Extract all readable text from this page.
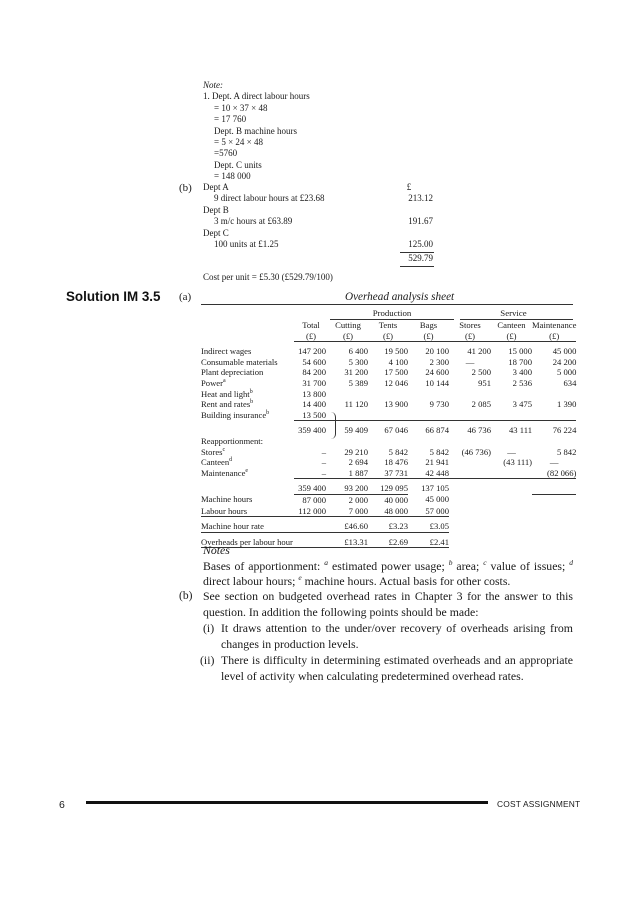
Note:
1. Dept. A direct labour hours
= 10 × 37 × 48
= 17 760
Dept. B machine hours
= 5 × 24 × 48
=5760
Dept. C units
= 148 000
(b)	£
Dept A
9 direct labour hours at £23.68	213.12
Dept B
3 m/c hours at £63.89	191.67
Dept C
100 units at £1.25	125.00
529.79
Cost per unit = £5.30 (£529.79/100)
Solution IM 3.5 (a)	Overhead analysis sheet
Production	Service
	Total	Cutting	Tents	Bags	Stores	Canteen	Maintenance
	(£)	(£)	(£)	(£)	(£)	(£)	(£)

Indirect wages	147 200	6 400	19 500	20 100	41 200	15 000	45 000
Consumable materials	54 600	5 300	4 100	2 300	—	18 700	24 200
Plant depreciation	84 200	31 200	17 500	24 600	2 500	3 400	5 000
Power$^a$	31 700	5 389	12 046	10 144	951	2 536	634
Heat and light$^b$	13 800						
Rent and rates$^b$	14 400	11 120	13 900	9 730	2 085	3 475	1 390
Building insurance$^b$	13 500						

	359 400	59 409	67 046	66 874	46 736	43 111	76 224
Reapportionment:							
Stores$^c$	–	29 210	5 842	5 842	(46 736)	—	5 842
Canteen$^d$	–	2 694	18 476	21 941		(43 111)	—
Maintenance$^e$	–	1 887	37 731	42 448			(82 066)

	359 400	93 200	129 095	137 105			
Machine hours	87 000	2 000	40 000	45 000			
Labour hours	112 000	7 000	48 000	57 000			

Machine hour rate		£46.60	£3.23	£3.05			

Overheads per labour hour		£13.31	£2.69	£2.41			
Notes
Bases of apportionment: $^a$ estimated power usage; $^b$ area; $^c$ value of issues; $^d$ direct labour hours; $^e$ machine hours. Actual basis for other costs.
(b) See section on budgeted overhead rates in Chapter 3 for the answer to this question. In addition the following points should be made:
(i) It draws attention to the under/over recovery of overheads arising from changes in production levels.
(ii) There is difficulty in determining estimated overheads and an appropriate level of activity when calculating predetermined overhead rates.
6	COST ASSIGNMENT
